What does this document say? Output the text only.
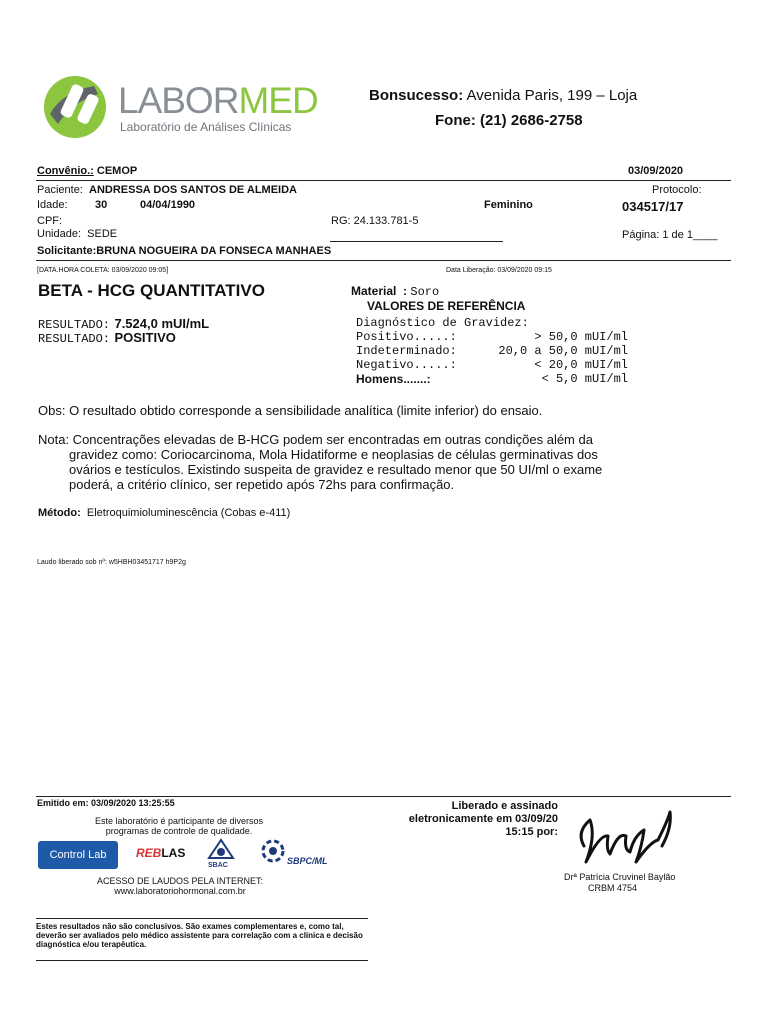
LABORMED
Laboratório de Análises Clínicas
Bonsucesso: Avenida Paris, 199 – Loja
Fone: (21) 2686-2758
Convênio.: CEMOP	03/09/2020
Paciente: ANDRESSA DOS SANTOS DE ALMEIDA	Protocolo:
Idade: 30	04/04/1990	Feminino	034517/17
CPF:	RG: 24.133.781-5
Unidade: SEDE	Página: 1 de 1____
Solicitante:BRUNA NOGUEIRA DA FONSECA MANHAES
[DATA.HORA COLETA: 03/09/2020 09:05]	Data Liberação: 03/09/2020 09:15
BETA - HCG QUANTITATIVO	Material : Soro
VALORES DE REFERÊNCIA
RESULTADO: 7.524,0 mUI/mL
RESULTADO: POSITIVO
Diagnóstico de Gravidez:
Positivo.....:	> 50,0 mUI/ml
Indeterminado:	20,0 a 50,0 mUI/ml
Negativo.....:	< 20,0 mUI/ml
Homens.......:	< 5,0 mUI/ml
Obs: O resultado obtido corresponde a sensibilidade analítica (limite inferior) do ensaio.
Nota: Concentrações elevadas de B-HCG podem ser encontradas em outras condições além da
gravidez como: Coriocarcinoma, Mola Hidatiforme e neoplasias de células germinativas dos
ovários e testículos. Existindo suspeita de gravidez e resultado menor que 50 UI/ml o exame
poderá, a critério clínico, ser repetido após 72hs para confirmação.
Método: Eletroquimioluminescência (Cobas e-411)
Laudo liberado sob nº: w5HBH03451717 h9P2g
Emitido em: 03/09/2020 13:25:55
Este laboratório é participante de diversos
programas de controle de qualidade.
Control Lab	REBLAS
SBAC	SBPC/ML
ACESSO DE LAUDOS PELA INTERNET:
www.laboratoriohormonal.com.br
Liberado e assinado
eletronicamente em 03/09/20
15:15 por:
Drª Patrícia Cruvinel Baylão
CRBM 4754
Estes resultados não são conclusivos. São exames complementares e, como tal, deverão ser avaliados pelo médico assistente para correlação com a clínica e decisão diagnóstica e/ou terapêutica.
